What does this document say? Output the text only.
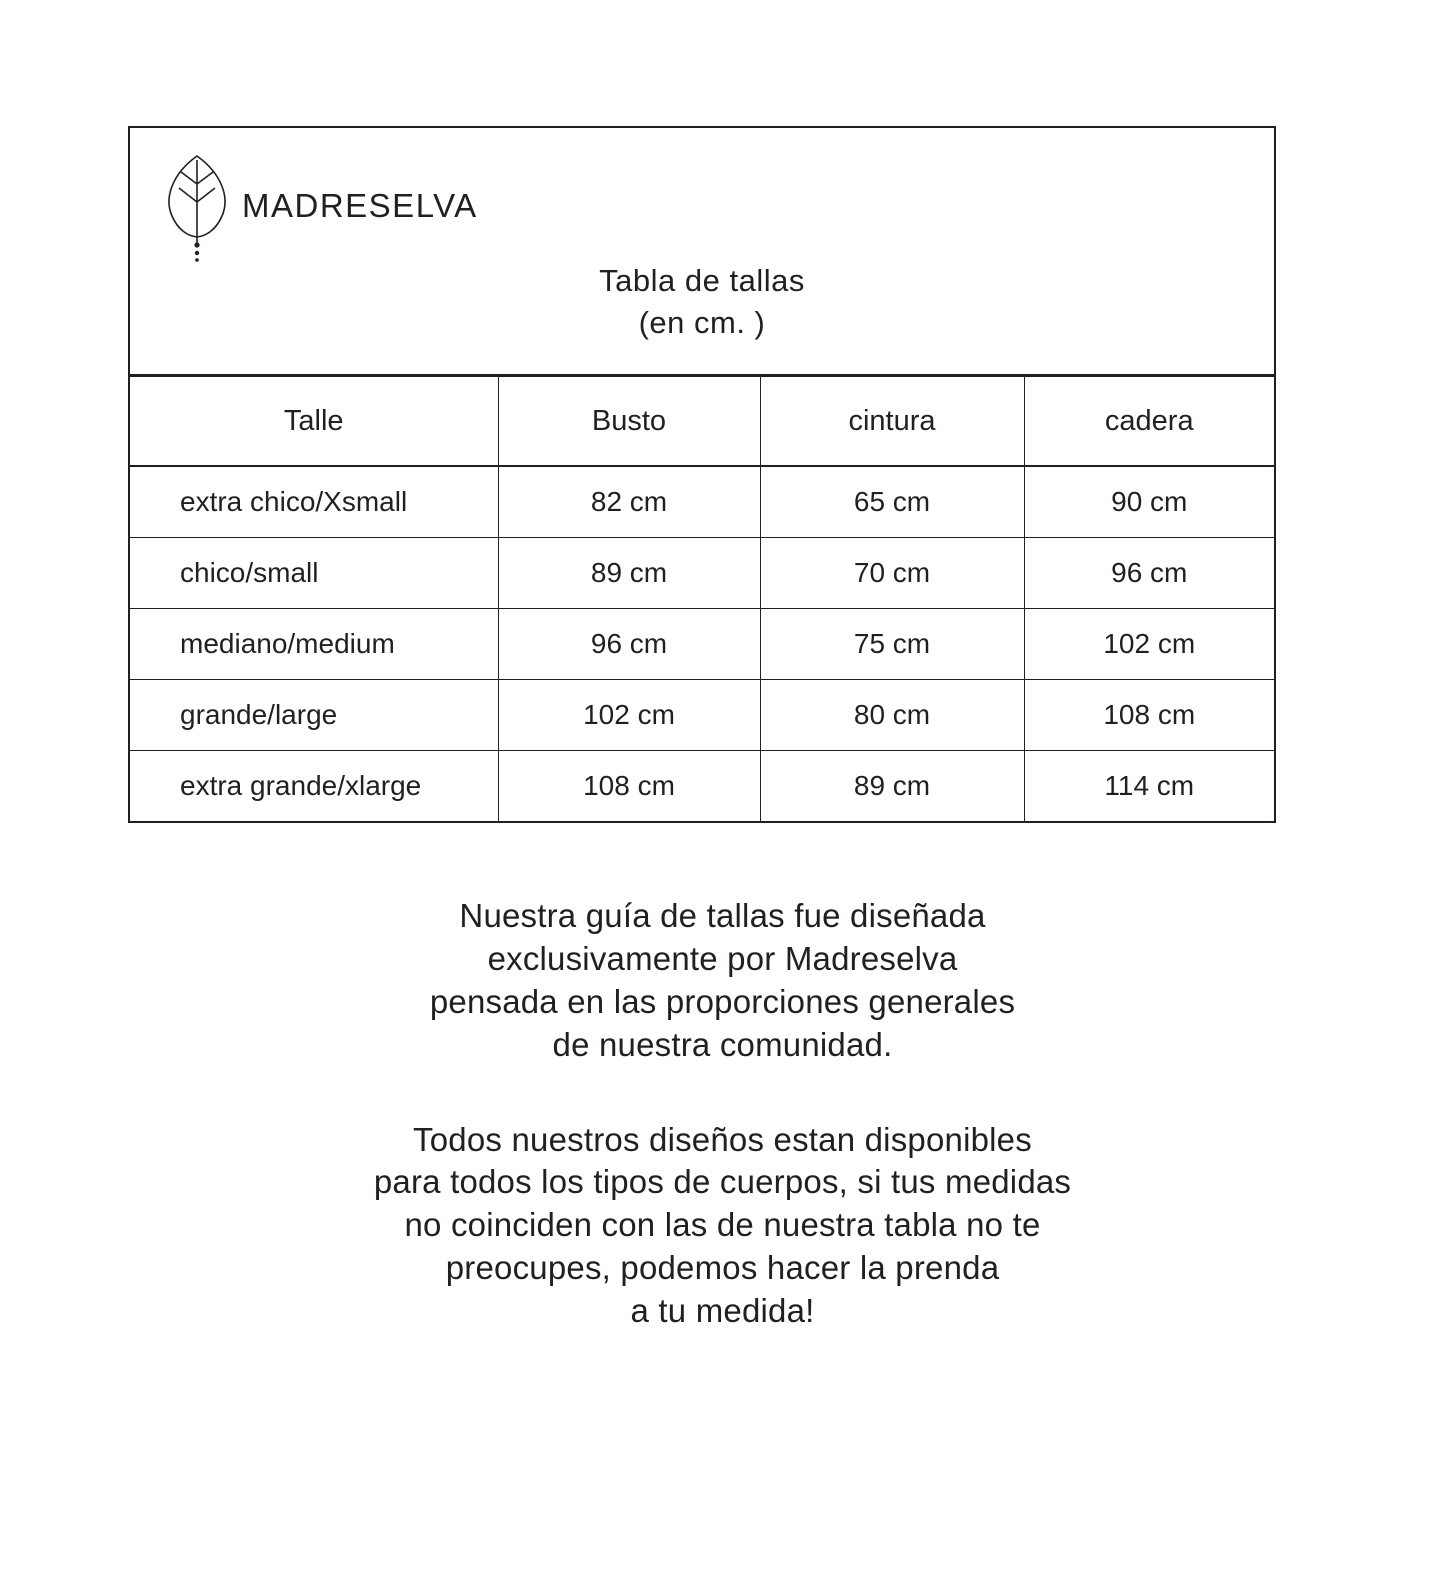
MADRESELVA
Tabla de tallas
(en cm. )
Talle	Busto	cintura	cadera
extra chico/Xsmall	82 cm	65 cm	90 cm
chico/small	89 cm	70 cm	96 cm
mediano/medium	96 cm	75 cm	102 cm
grande/large	102 cm	80 cm	108 cm
extra grande/xlarge	108 cm	89 cm	114 cm

Nuestra guía de tallas fue diseñada

exclusivamente por Madreselva

pensada en las proporciones generales

de nuestra comunidad.

Todos nuestros diseños estan disponibles

para todos los tipos de cuerpos, si tus medidas

no coinciden con las de nuestra tabla no te

preocupes, podemos hacer la prenda

a tu medida!
